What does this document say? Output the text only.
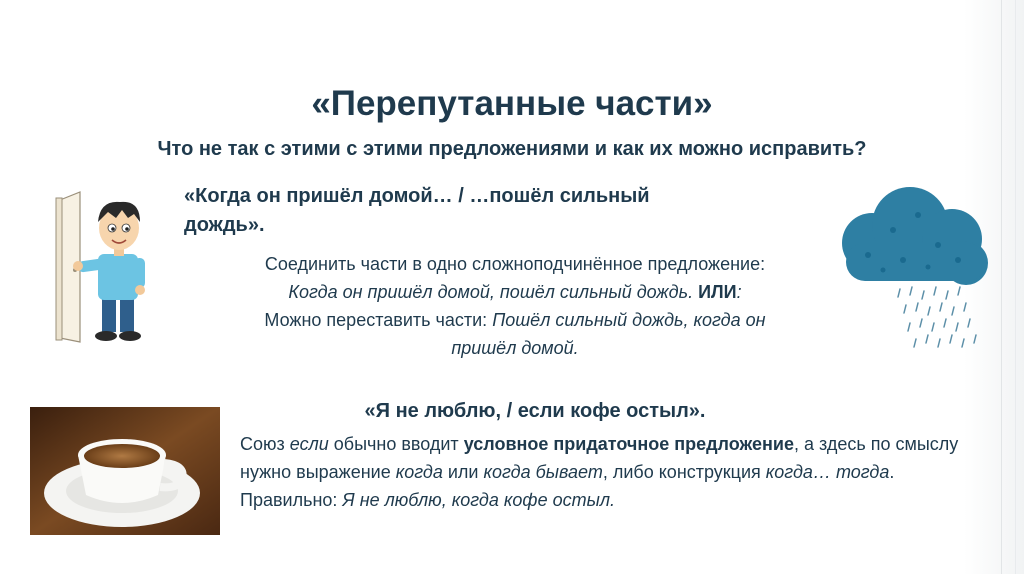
«Перепутанные части»
Что не так с этими с этими предложениями и как их можно исправить?
«Когда он пришёл домой… / …пошёл сильный
дождь».
Соединить части в одно сложноподчинённое предложение:
Когда он пришёл домой, пошёл сильный дождь. ИЛИ:
Можно переставить части: Пошёл сильный дождь, когда он
пришёл домой.
«Я не люблю, / если кофе остыл».
Союз если обычно вводит условное придаточное предложение, а здесь по смыслу нужно выражение когда или когда бывает, либо конструкция когда… тогда. Правильно: Я не люблю, когда кофе остыл.
